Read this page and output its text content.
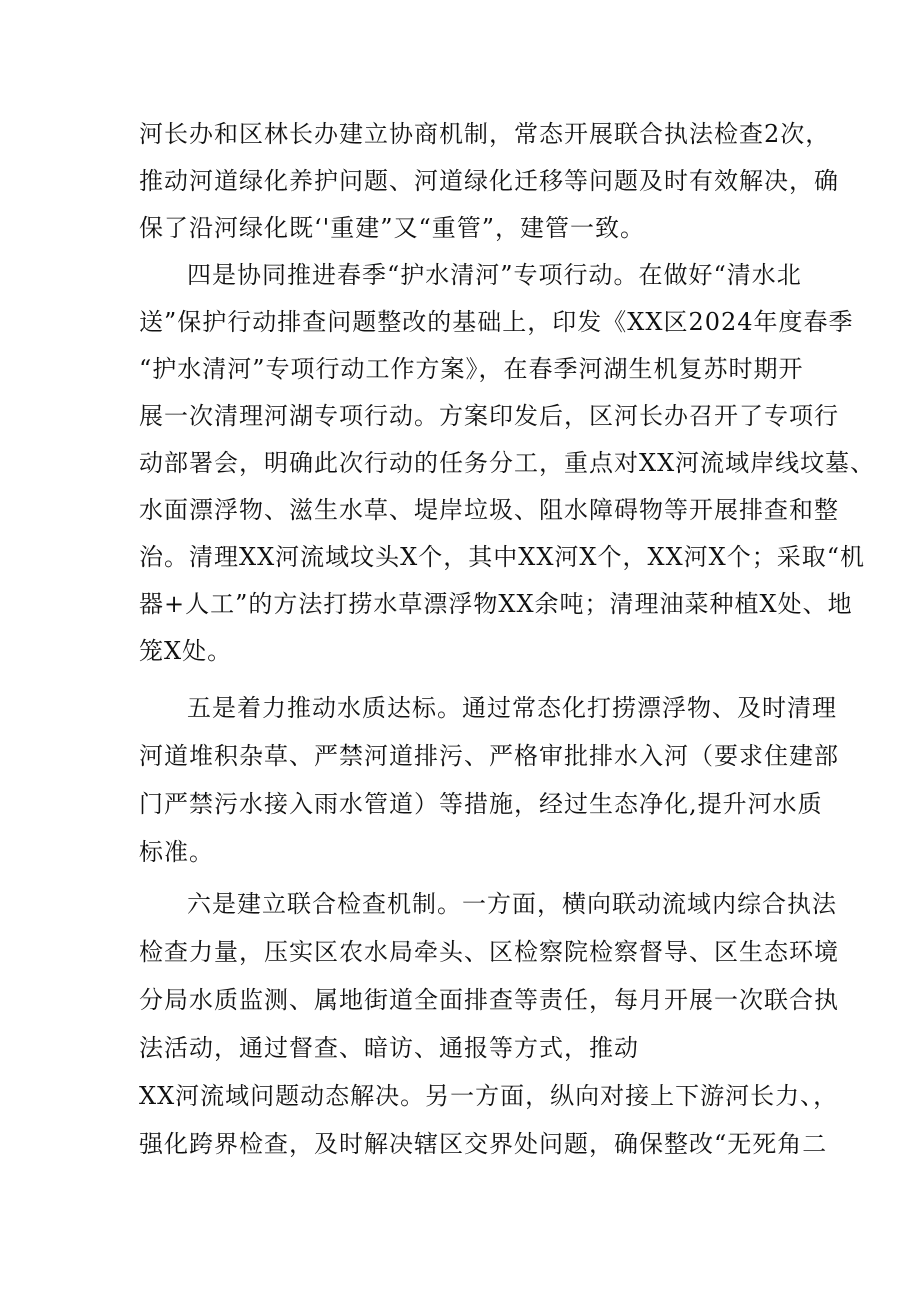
河长办和区林长办建立协商机制，常态开展联合执法检查2次，
推动河道绿化养护问题、河道绿化迁移等问题及时有效解决，确
保了沿河绿化既‘'重建”又“重管”，建管一致。
四是协同推进春季“护水清河”专项行动。在做好“清水北
送”保护行动排查问题整改的基础上，印发《XX区2024年度春季
“护水清河”专项行动工作方案》，在春季河湖生机复苏时期开
展一次清理河湖专项行动。方案印发后，区河长办召开了专项行
动部署会，明确此次行动的任务分工，重点对XX河流域岸线坟墓、
水面漂浮物、滋生水草、堤岸垃圾、阻水障碍物等开展排查和整
治。清理XX河流域坟头X个，其中XX河X个，XX河X个；采取“机
器+人工”的方法打捞水草漂浮物XX余吨；清理油菜种植X处、地
笼X处。
五是着力推动水质达标。通过常态化打捞漂浮物、及时清理
河道堆积杂草、严禁河道排污、严格审批排水入河（要求住建部
门严禁污水接入雨水管道）等措施，经过生态净化,提升河水质
标准。
六是建立联合检查机制。一方面，横向联动流域内综合执法
检查力量，压实区农水局牵头、区检察院检察督导、区生态环境
分局水质监测、属地街道全面排查等责任，每月开展一次联合执
法活动，通过督查、暗访、通报等方式，推动
XX河流域问题动态解决。另一方面，纵向对接上下游河长力、，
强化跨界检查，及时解决辖区交界处问题，确保整改“无死角二
